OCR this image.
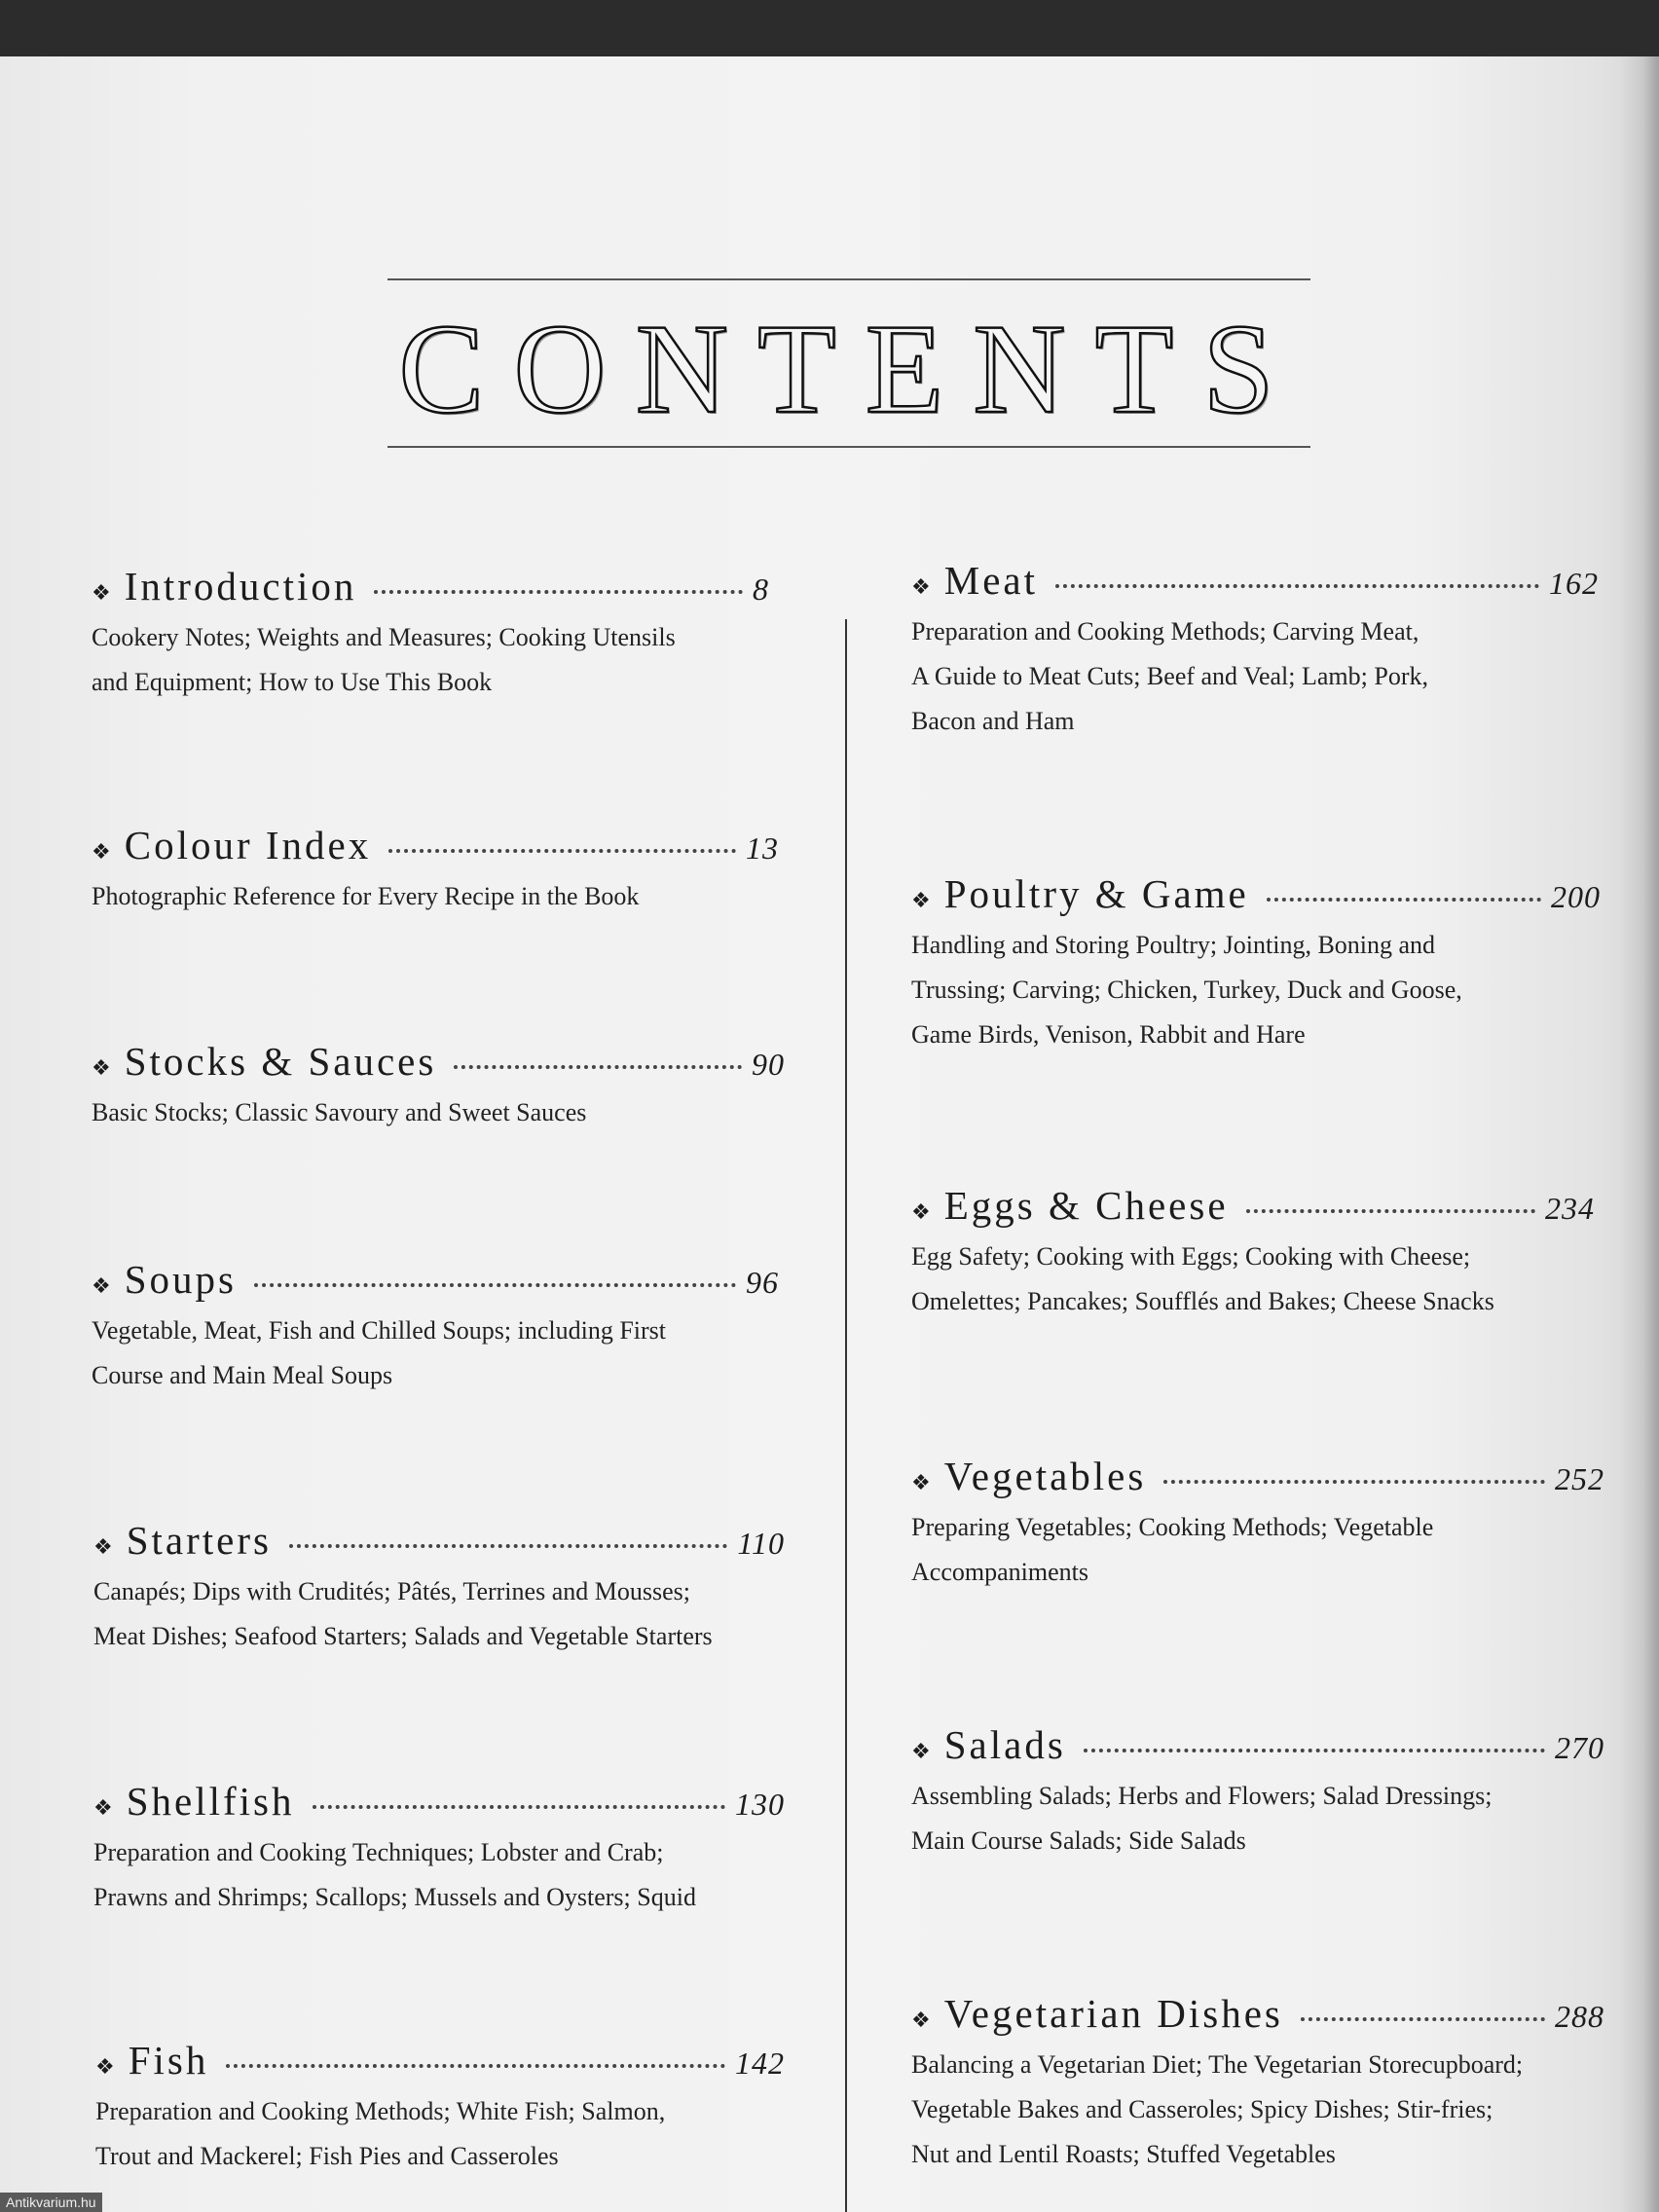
CONTENTS
❖ Introduction	8
Cookery Notes; Weights and Measures; Cooking Utensils
and Equipment; How to Use This Book
❖ Colour Index	13
Photographic Reference for Every Recipe in the Book
❖ Stocks & Sauces	90
Basic Stocks; Classic Savoury and Sweet Sauces
❖ Soups	96
Vegetable, Meat, Fish and Chilled Soups; including First
Course and Main Meal Soups
❖ Starters	110
Canapés; Dips with Crudités; Pâtés, Terrines and Mousses;
Meat Dishes; Seafood Starters; Salads and Vegetable Starters
❖ Shellfish	130
Preparation and Cooking Techniques; Lobster and Crab;
Prawns and Shrimps; Scallops; Mussels and Oysters; Squid
❖ Fish	142
Preparation and Cooking Methods; White Fish; Salmon,
Trout and Mackerel; Fish Pies and Casseroles
❖ Meat	162
Preparation and Cooking Methods; Carving Meat,
A Guide to Meat Cuts; Beef and Veal; Lamb; Pork,
Bacon and Ham
❖ Poultry & Game	200
Handling and Storing Poultry; Jointing, Boning and
Trussing; Carving; Chicken, Turkey, Duck and Goose,
Game Birds, Venison, Rabbit and Hare
❖ Eggs & Cheese	234
Egg Safety; Cooking with Eggs; Cooking with Cheese;
Omelettes; Pancakes; Soufflés and Bakes; Cheese Snacks
❖ Vegetables	252
Preparing Vegetables; Cooking Methods; Vegetable
Accompaniments
❖ Salads	270
Assembling Salads; Herbs and Flowers; Salad Dressings;
Main Course Salads; Side Salads
❖ Vegetarian Dishes	288
Balancing a Vegetarian Diet; The Vegetarian Storecupboard;
Vegetable Bakes and Casseroles; Spicy Dishes; Stir-fries;
Nut and Lentil Roasts; Stuffed Vegetables
Antikvarium.hu
